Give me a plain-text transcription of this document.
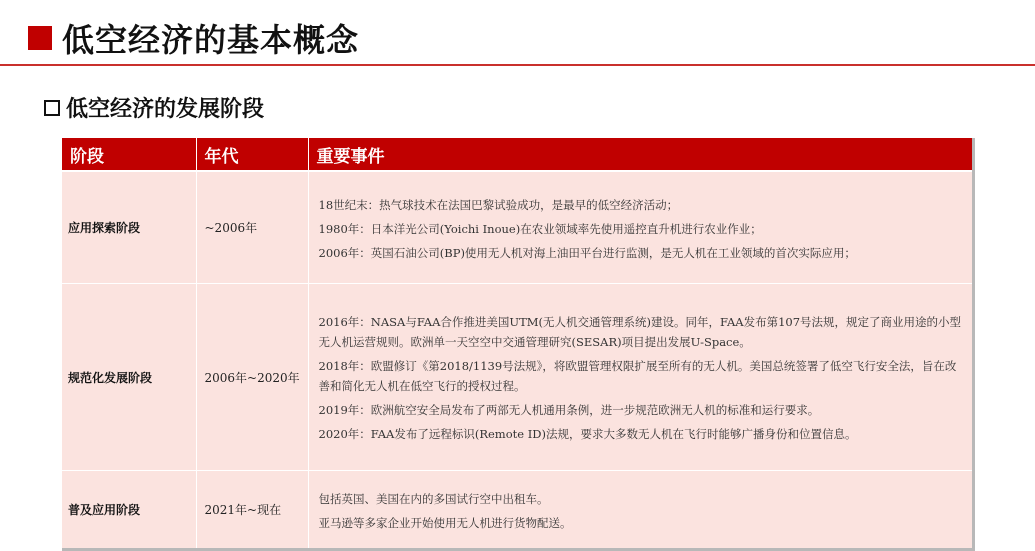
低空经济的基本概念
低空经济的发展阶段
阶段	年代	重要事件
应用探索阶段	~2006年	18世纪末：热气球技术在法国巴黎试验成功，是最早的低空经济活动；
1980年：日本洋光公司(Yoichi Inoue)在农业领域率先使用遥控直升机进行农业作业；
2006年：英国石油公司(BP)使用无人机对海上油田平台进行监测，是无人机在工业领域的首次实际应用；

规范化发展阶段	2006年~2020年	2016年：NASA与FAA合作推进美国UTM(无人机交通管理系统)建设。同年，FAA发布第107号法规，规定了商业用途的小型无人机运营规则。欧洲单一天空空中交通管理研究(SESAR)项目提出发展U-Space。
2018年：欧盟修订《第2018/1139号法规》，将欧盟管理权限扩展至所有的无人机。美国总统签署了低空飞行安全法，旨在改善和简化无人机在低空飞行的授权过程。
2019年：欧洲航空安全局发布了两部无人机通用条例，进一步规范欧洲无人机的标准和运行要求。
2020年：FAA发布了远程标识(Remote ID)法规，要求大多数无人机在飞行时能够广播身份和位置信息。

普及应用阶段	2021年~现在	包括英国、美国在内的多国试行空中出租车。
亚马逊等多家企业开始使用无人机进行货物配送。
